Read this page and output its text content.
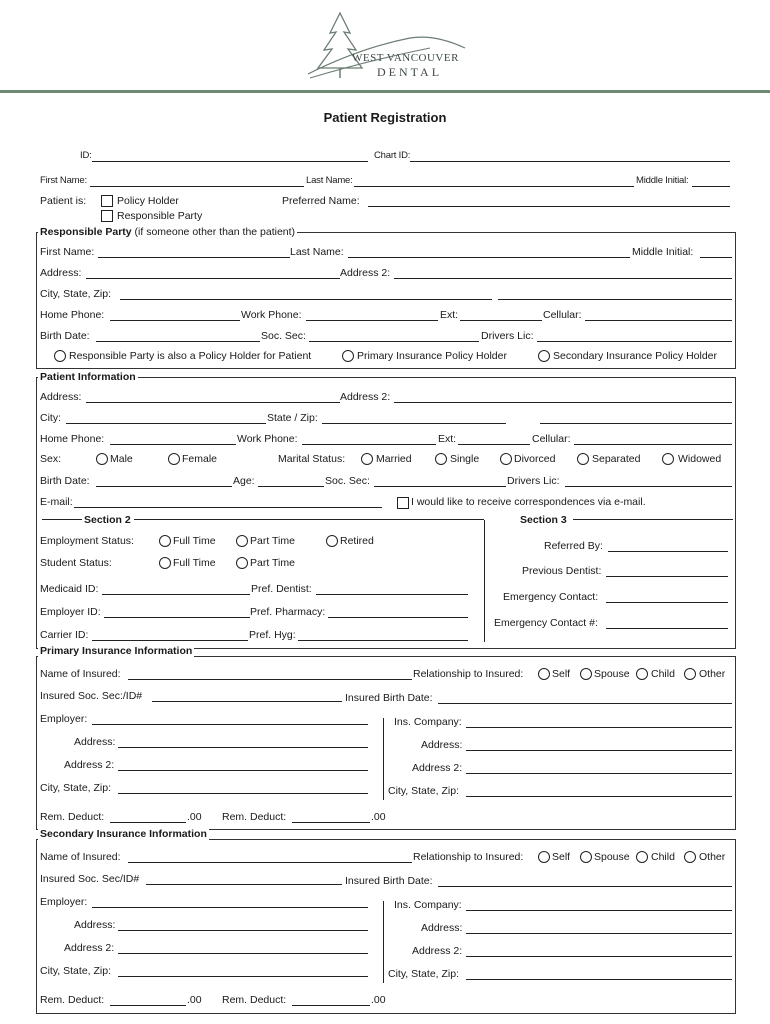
WEST VANCOUVER
DENTAL
Patient Registration
ID:	Chart ID:
First Name:	Last Name:	Middle Initial:
Patient is:	Policy Holder
Responsible Party
Preferred Name:
Responsible Party (if someone other than the patient)
First Name:	Last Name:	Middle Initial:
Address:	Address 2:
City, State, Zip:
Home Phone:	Work Phone:	Ext:	Cellular:
Birth Date:	Soc. Sec:	Drivers Lic:
Responsible Party is also a Policy Holder for Patient	Primary Insurance Policy Holder	Secondary Insurance Policy Holder
Patient Information
Address:	Address 2:
City:	State / Zip:
Home Phone:	Work Phone:	Ext:	Cellular:
Sex:	Male	Female	Marital Status:	Married	Single	Divorced	Separated	Widowed
Birth Date:	Age:	Soc. Sec:	Drivers Lic:
E-mail:	I would like to receive correspondences via e-mail.
Section 2	Section 3
Employment Status:	Full Time	Part Time	Retired
Student Status:	Full Time	Part Time
Medicaid ID:	Pref. Dentist:
Employer ID:	Pref. Pharmacy:
Carrier ID:	Pref. Hyg:
Referred By:
Previous Dentist:
Emergency Contact:
Emergency Contact #:
Primary Insurance Information
Name of Insured:	Relationship to Insured:	Self Spouse Child Other
Insured Soc. Sec:/ID#	Insured Birth Date:
Employer:	Ins. Company:
Address:	Address:
Address 2:	Address 2:
City, State, Zip:	City, State, Zip:
Rem. Deduct:	.00 Rem. Deduct:	.00
Secondary Insurance Information
Name of Insured:	Relationship to Insured:	Self Spouse Child Other
Insured Soc. Sec/ID#	Insured Birth Date:
Employer:	Ins. Company:
Address:	Address:
Address 2:	Address 2:
City, State, Zip:	City, State, Zip:
Rem. Deduct:	.00 Rem. Deduct:	.00
